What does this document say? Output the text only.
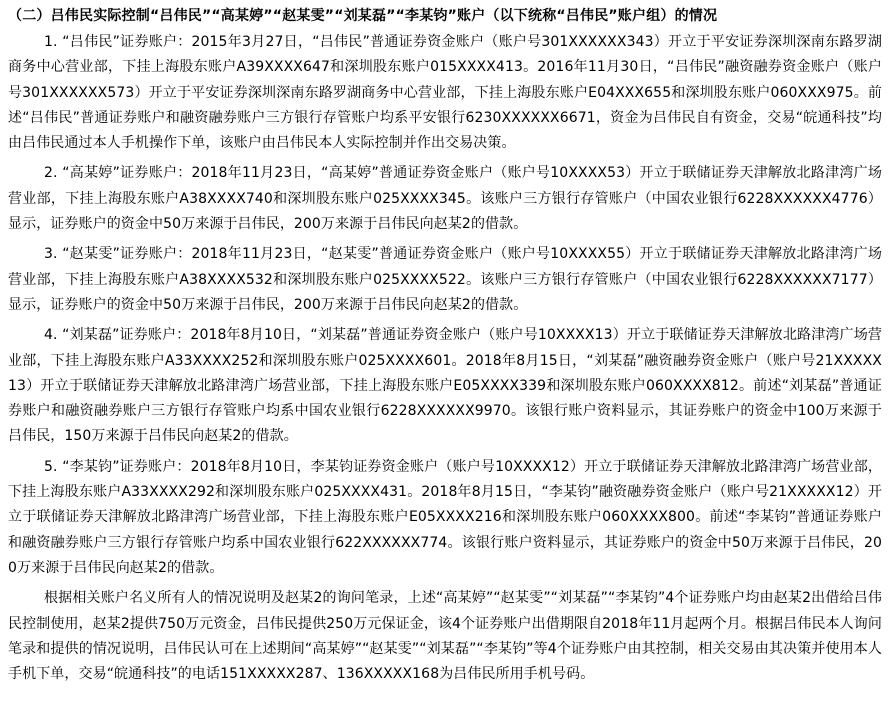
（二）吕伟民实际控制“吕伟民”“高某婷”“赵某雯”“刘某磊”“李某钧”账户（以下统称“吕伟民”账户组）的情况

1. “吕伟民”证券账户：2015年3月27日，“吕伟民”普通证券资金账户（账户号301XXXXXX343）开立于平安证券深圳深南东路罗湖商务中心营业部，下挂上海股东账户A39XXXX647和深圳股东账户015XXXX413。2016年11月30日，“吕伟民”融资融券资金账户（账户号301XXXXXX573）开立于平安证券深圳深南东路罗湖商务中心营业部，下挂上海股东账户E04XXX655和深圳股东账户060XXX975。前述“吕伟民”普通证券账户和融资融券账户三方银行存管账户均系平安银行6230XXXXXX6671，资金为吕伟民自有资金，交易“皖通科技”均由吕伟民通过本人手机操作下单，该账户由吕伟民本人实际控制并作出交易决策。

2. “高某婷”证券账户：2018年11月23日，“高某婷”普通证券资金账户（账户号10XXXX53）开立于联储证券天津解放北路津湾广场营业部，下挂上海股东账户A38XXXX740和深圳股东账户025XXXX345。该账户三方银行存管账户（中国农业银行6228XXXXXX4776）显示，证券账户的资金中50万来源于吕伟民，200万来源于吕伟民向赵某2的借款。

3. “赵某雯”证券账户：2018年11月23日，“赵某雯”普通证券资金账户（账户号10XXXX55）开立于联储证券天津解放北路津湾广场营业部，下挂上海股东账户A38XXXX532和深圳股东账户025XXXX522。该账户三方银行存管账户（中国农业银行6228XXXXXX7177）显示，证券账户的资金中50万来源于吕伟民，200万来源于吕伟民向赵某2的借款。

4. “刘某磊”证券账户：2018年8月10日，“刘某磊”普通证券资金账户（账户号10XXXX13）开立于联储证券天津解放北路津湾广场营业部，下挂上海股东账户A33XXXX252和深圳股东账户025XXXX601。2018年8月15日，“刘某磊”融资融券资金账户（账户号21XXXXX13）开立于联储证券天津解放北路津湾广场营业部，下挂上海股东账户E05XXXX339和深圳股东账户060XXXX812。前述“刘某磊”普通证券账户和融资融券账户三方银行存管账户均系中国农业银行6228XXXXXX9970。该银行账户资料显示，其证券账户的资金中100万来源于吕伟民，150万来源于吕伟民向赵某2的借款。

5. “李某钧”证券账户：2018年8月10日，李某钧证券资金账户（账户号10XXXX12）开立于联储证券天津解放北路津湾广场营业部，下挂上海股东账户A33XXXX292和深圳股东账户025XXXX431。2018年8月15日，“李某钧”融资融券资金账户（账户号21XXXXX12）开立于联储证券天津解放北路津湾广场营业部，下挂上海股东账户E05XXXX216和深圳股东账户060XXXX800。前述“李某钧”普通证券账户和融资融券账户三方银行存管账户均系中国农业银行622XXXXXX774。该银行账户资料显示，其证券账户的资金中50万来源于吕伟民，200万来源于吕伟民向赵某2的借款。

根据相关账户名义所有人的情况说明及赵某2的询问笔录，上述“高某婷”“赵某雯”“刘某磊”“李某钧”4个证券账户均由赵某2出借给吕伟民控制使用，赵某2提供750万元资金，吕伟民提供250万元保证金，该4个证券账户出借期限自2018年11月起两个月。根据吕伟民本人询问笔录和提供的情况说明，吕伟民认可在上述期间“高某婷”“赵某雯”“刘某磊”“李某钧”等4个证券账户由其控制，相关交易由其决策并使用本人手机下单，交易“皖通科技”的电话151XXXXX287、136XXXXX168为吕伟民所用手机号码。
